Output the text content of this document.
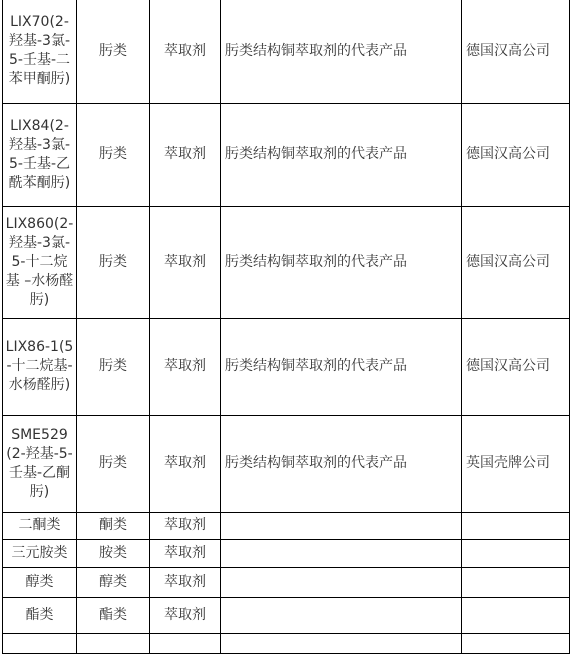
LIX70(2-羟基-3氯-5-壬基-二苯甲酮肟)	肟类	萃取剂	肟类结构铜萃取剂的代表产品	德国汉高公司
LIX84(2-羟基-3氯-5-壬基-乙酰苯酮肟)	肟类	萃取剂	肟类结构铜萃取剂的代表产品	德国汉高公司
LIX860(2-羟基-3氯-5-十二烷基 –水杨醛肟)	肟类	萃取剂	肟类结构铜萃取剂的代表产品	德国汉高公司
LIX86-1(5-十二烷基-水杨醛肟)	肟类	萃取剂	肟类结构铜萃取剂的代表产品	德国汉高公司
SME529(2-羟基-5-壬基-乙酮肟)	肟类	萃取剂	肟类结构铜萃取剂的代表产品	英国壳牌公司
二酮类	酮类	萃取剂		
三元胺类	胺类	萃取剂		
醇类	醇类	萃取剂		
酯类	酯类	萃取剂		
